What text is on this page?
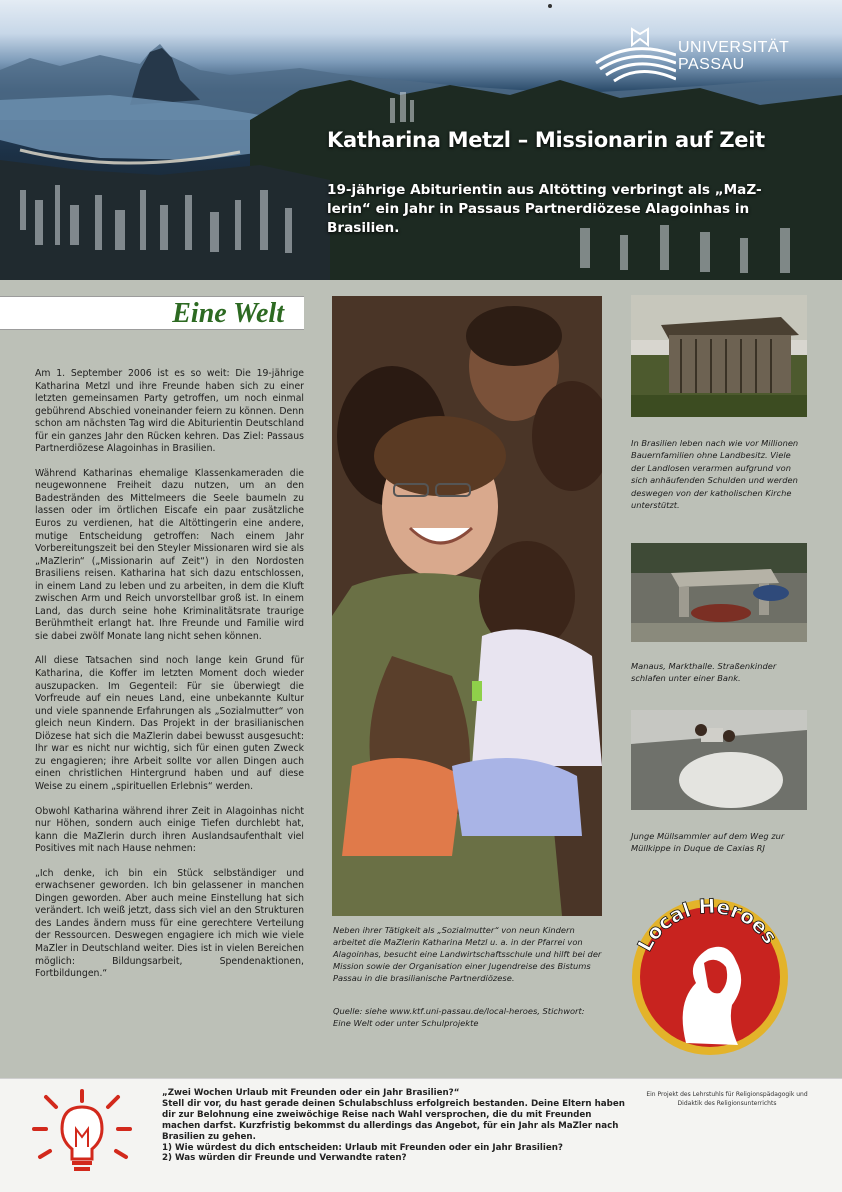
Katharina Metzl – Missionarin auf Zeit

19-jährige Abiturientin aus Altötting verbringt als „MaZ-lerin“ ein Jahr in Passaus Partnerdiözese Alagoinhas in Brasilien.

UNIVERSITÄT
PASSAU
Eine Welt

Am 1. September 2006 ist es so weit: Die 19-jährige Katharina Metzl und ihre Freunde haben sich zu einer letzten gemeinsamen Party getroffen, um noch einmal gebührend Abschied voneinander feiern zu können. Denn schon am nächsten Tag wird die Abiturientin Deutschland für ein ganzes Jahr den Rücken kehren. Das Ziel: Passaus Partnerdiözese Alagoinhas in Brasilien.

Während Katharinas ehemalige Klassenkameraden die neugewonnene Freiheit dazu nutzen, um an den Badestränden des Mittelmeers die Seele baumeln zu lassen oder im örtlichen Eiscafe ein paar zusätzliche Euros zu verdienen, hat die Altöttingerin eine andere, mutige Entscheidung getroffen: Nach einem Jahr Vorbereitungszeit bei den Steyler Missionaren wird sie als „MaZlerin“ („Missionarin auf Zeit“) in den Nordosten Brasiliens reisen. Katharina hat sich dazu entschlossen, in einem Land zu leben und zu arbeiten, in dem die Kluft zwischen Arm und Reich unvorstellbar groß ist. In einem Land, das durch seine hohe Kriminalitätsrate traurige Berühmtheit erlangt hat. Ihre Freunde und Familie wird sie dabei zwölf Monate lang nicht sehen können.

All diese Tatsachen sind noch lange kein Grund für Katharina, die Koffer im letzten Moment doch wieder auszupacken. Im Gegenteil: Für sie überwiegt die Vorfreude auf ein neues Land, eine unbekannte Kultur und viele spannende Erfahrungen als „Sozialmutter“ von gleich neun Kindern. Das Projekt in der brasilianischen Diözese hat sich die MaZlerin dabei bewusst ausgesucht: Ihr war es nicht nur wichtig, sich für einen guten Zweck zu engagieren; ihre Arbeit sollte vor allen Dingen auch einen christlichen Hintergrund haben und auf diese Weise zu einem „spirituellen Erlebnis“ werden.

Obwohl Katharina während ihrer Zeit in Alagoinhas nicht nur Höhen, sondern auch einige Tiefen durchlebt hat, kann die MaZlerin durch ihren Auslandsaufenthalt viel Positives mit nach Hause nehmen:

„Ich denke, ich bin ein Stück selbständiger und erwachsener geworden. Ich bin gelassener in manchen Dingen geworden. Aber auch meine Einstellung hat sich verändert. Ich weiß jetzt, dass sich viel an den Strukturen des Landes ändern muss für eine gerechtere Verteilung der Ressourcen. Deswegen engagiere ich mich wie viele MaZler in Deutschland weiter. Dies ist in vielen Bereichen möglich: Bildungsarbeit, Spendenaktionen, Fortbildungen.“

Neben ihrer Tätigkeit als „Sozialmutter“ von neun Kindern arbeitet die MaZlerin Katharina Metzl u. a. in der Pfarrei von Alagoinhas, besucht eine Landwirtschaftsschule und hilft bei der Mission sowie der Organisation einer Jugendreise des Bistums Passau in die brasilianische Partnerdiözese.
Quelle: siehe www.ktf.uni-passau.de/local-heroes, Stichwort: Eine Welt oder unter Schulprojekte
In Brasilien leben nach wie vor Millionen Bauernfamilien ohne Landbesitz. Viele der Landlosen verarmen aufgrund von sich anhäufenden Schulden und werden deswegen von der katholischen Kirche unterstützt.
Manaus, Markthalle. Straßenkinder schlafen unter einer Bank.
Junge Müllsammler auf dem Weg zur Müllkippe in Duque de Caxias RJ
Local Heroes

„Zwei Wochen Urlaub mit Freunden oder ein Jahr Brasilien?“

Stell dir vor, du hast gerade deinen Schulabschluss erfolgreich bestanden. Deine Eltern haben dir zur Belohnung eine zweiwöchige Reise nach Wahl versprochen, die du mit Freunden machen darfst. Kurzfristig bekommst du allerdings das Angebot, für ein Jahr als MaZler nach Brasilien zu gehen.

1) Wie würdest du dich entscheiden: Urlaub mit Freunden oder ein Jahr Brasilien?

2) Was würden dir Freunde und Verwandte raten?

Ein Projekt des Lehrstuhls für Religionspädagogik und Didaktik des Religionsunterrichts
